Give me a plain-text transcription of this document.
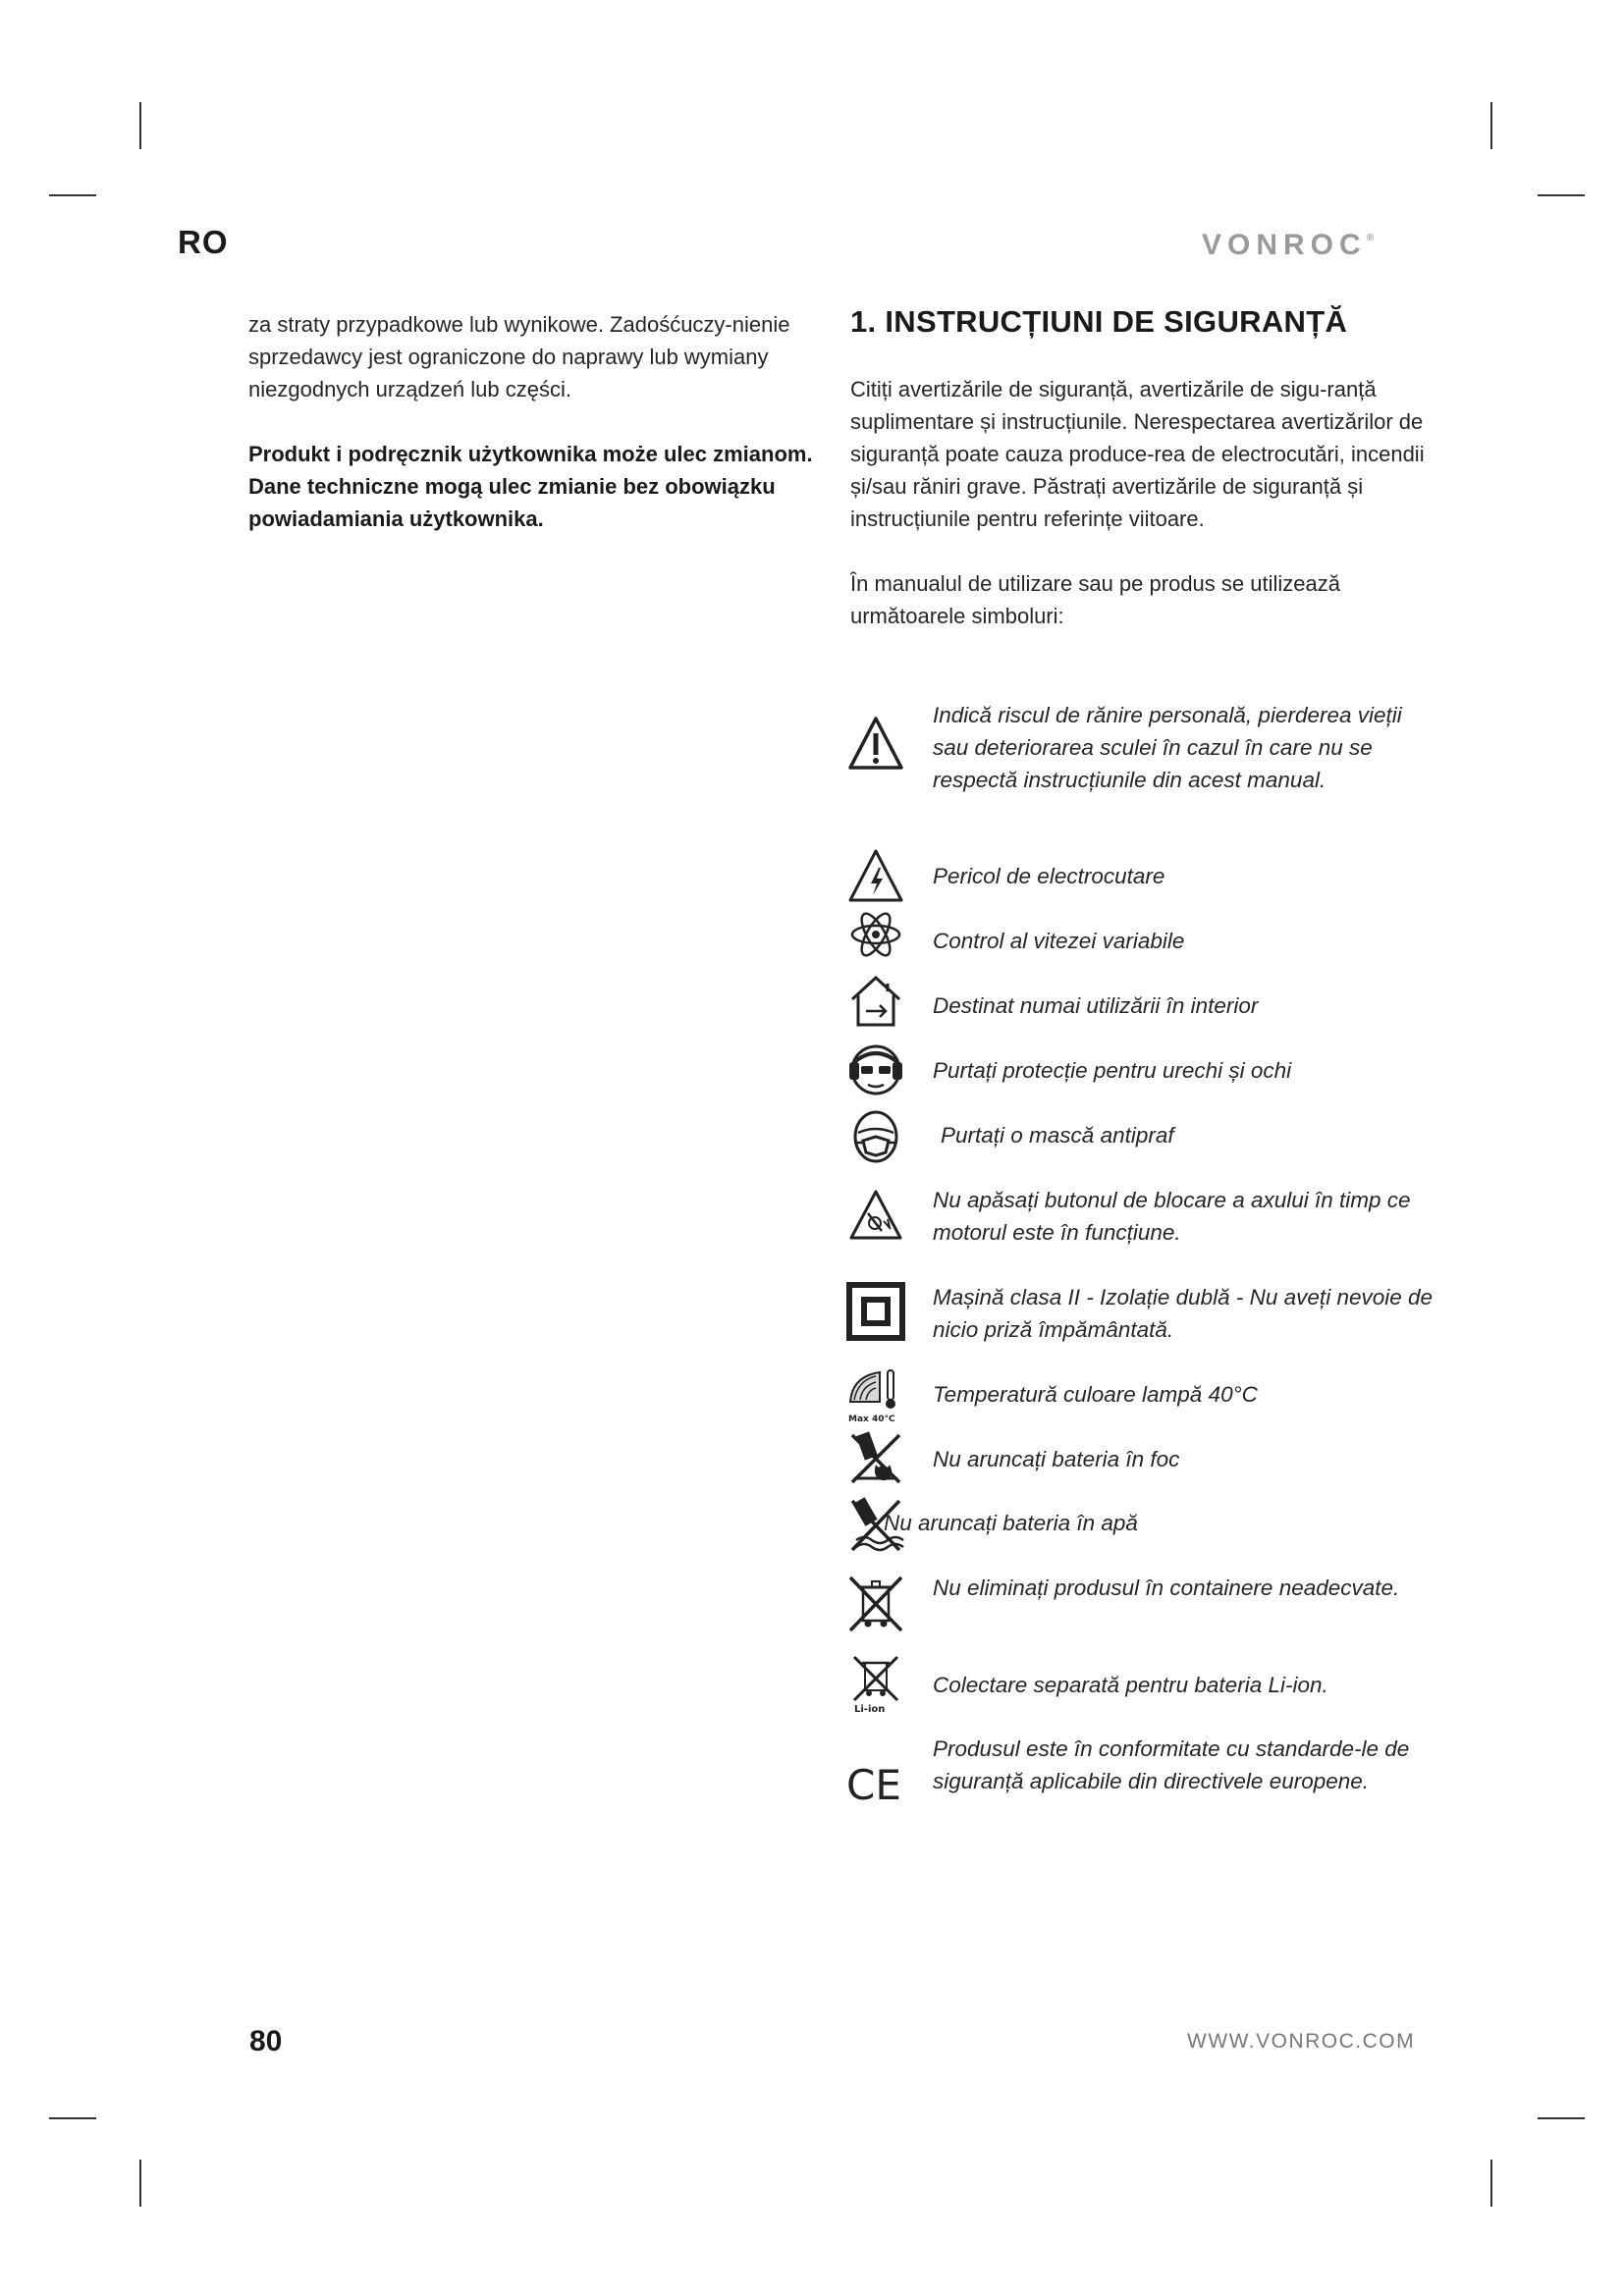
RO	VONROC®

za straty przypadkowe lub wynikowe. Zadośćuczy-nienie sprzedawcy jest ograniczone do naprawy lub wymiany niezgodnych urządzeń lub części.

Produkt i podręcznik użytkownika może ulec zmianom. Dane techniczne mogą ulec zmianie bez obowiązku powiadamiania użytkownika.

1. INSTRUCȚIUNI DE SIGURANȚĂ

Citiți avertizările de siguranță, avertizările de sigu-ranță suplimentare și instrucțiunile. Nerespectarea avertizărilor de siguranță poate cauza produce-rea de electrocutări, incendii și/sau răniri grave. Păstrați avertizările de siguranță și instrucțiunile pentru referințe viitoare.

În manualul de utilizare sau pe produs se utilizează următoarele simboluri:

Indică riscul de rănire personală, pierderea vieții sau deteriorarea sculei în cazul în care nu se respectă instrucțiunile din acest manual.
Pericol de electrocutare
Control al vitezei variabile
Destinat numai utilizării în interior
Purtați protecție pentru urechi și ochi
Purtați o mască antipraf
Nu apăsați butonul de blocare a axului în timp ce motorul este în funcțiune.
Mașină clasa II - Izolație dublă - Nu aveți nevoie de nicio priză împământată.
Max 40°C
Temperatură culoare lampă 40°C
Nu aruncați bateria în foc
Nu aruncați bateria în apă
Nu eliminați produsul în containere neadecvate.
Li-ion
Colectare separată pentru bateria Li-ion.
CE
Produsul este în conformitate cu standarde-le de siguranță aplicabile din directivele europene.
80	WWW.VONROC.COM
